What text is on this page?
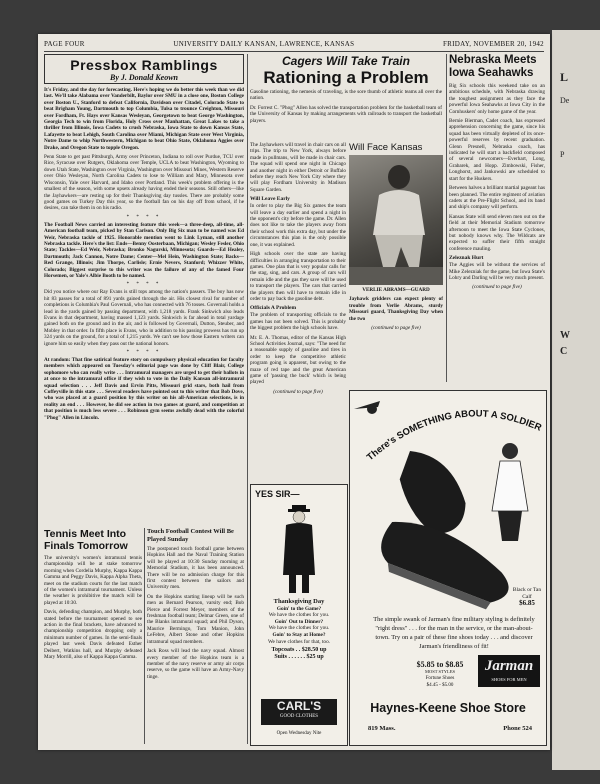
L
De
P
W
C
PAGE FOUR	UNIVERSITY DAILY KANSAN, LAWRENCE, KANSAS	FRIDAY, NOVEMBER 20, 1942
Pressbox Ramblings
By J. Donald Keown

It's Friday, and the day for forecasting. Here's hoping we do better this week than we did last. We'll take Alabama over Vanderbilt, Baylor over SMU in a close one, Boston College over Boston U., Stanford to defeat California, Davidson over Citadel, Colorado State to beat Brigham Young, Dartmouth to top Columbia, Tulsa to trounce Creighton, Missouri over Fordham, Ft. Hays over Kansas Wesleyan, Georgetown to beat George Washington, Georgia Tech to win from Florida, Holy Cross over Manhattan, Great Lakes to take a thriller from Illinois, Iowa Cadets to crush Nebraska, Iowa State to down Kansas State, Lafayette to beat Lehigh, South Carolina over Miami, Michigan State over West Virginia, Notre Dame to whip Northwestern, Michigan to beat Ohio State, Oklahoma Aggies over Drake, and Oregon State to topple Oregon.

Penn State to get past Pittsburgh, Army over Princeton, Indiana to roll over Purdue, TCU over Rice, Syracuse over Rutgers, Oklahoma over Temple, UCLA to beat Washington, Wyoming to down Utah State, Washington over Virginia, Washington over Missouri Mines, Western Reserve over Ohio Wesleyan, North Carolina Cadets to lose to William and Mary, Minnesota over Wisconsin, Yale over Harvard, and Idaho over Portland. This week's problem offering is the smallest of the season, with some upsets already having ended their seasons. Still others—like the Jayhawkers—are resting up for their Thanksgiving day tussles. There are probably some good games on Turkey Day this year, so the football fan on his day off from school, if he desires, can take them in on his radio.

* * * *

The Football News carried an interesting feature this week—a three-deep, all-time, all-American football team, picked by Stan Carlson. Only Big Six man to be named was Ed Weir, Nebraska tackle of 1925. Honorable mention went to Link Lyman, still another Nebraska tackle. Here's the list: Ends—Benny Oosterbaan, Michigan; Wesley Fesler, Ohio State; Tackles—Ed Weir, Nebraska; Bronko Nagurski, Minnesota; Guards—Ed Healey, Dartmouth; Jack Cannon, Notre Dame; Center—Mel Hein, Washington State; Backs—Red Grange, Illinois; Jim Thorpe, Carlisle; Ernie Nevers, Stanford; Whizzer White, Colorado; Biggest surprise to this writer was the failure of any of the famed Four Horsemen, or Yale's Albie Booth to be named.

* * * *

Did you notice where our Ray Evans is still tops among the nation's passers. The boy has now hit 83 passes for a total of 891 yards gained through the air. His closest rival for number of completions is Columbia's Paul Governali, who has connected with 76 tosses. Governali holds a lead in the yards gained by passing department, with 1,218 yards. Frank Sinkwich also leads Evans in that department, having massed 1,123 yards. Sinkwich is far ahead in total yardage gained both on the ground and in the air, and is followed by Governali, Dutton, Steuber, and Mobley in that order. In fifth place is Evans, who in addition to his passing prowess has run up 324 yards on the ground, for a total of 1,215 yards. We can't see how those Eastern writers can ignore him so easily when they pass out the national honors.

* * * *

At random: That fine satirical feature story on compulsory physical education for faculty members which appeared on Tuesday's editorial page was done by Cliff Blair, College sophomore who can really write . . . Intramural managers are urged to get their ballots in at once to the intramural office if they wish to vote in the Daily Kansan all-intramural squad selection . . . Jeff Davis and Ervin Pitts, Missouri grid stars, both hail from Coffeyville in this state . . . Several readers have pointed out to this writer that Bob Dove, who was placed at a guard position by this writer on his all-American selections, is in reality an end . . . However, he did see action in two games at guard, and competition at that position is much less severe . . . Robinson gym seems awfully dead with the colorful "Phog" Allen in Lincoln.

Tennis Meet Into Finals Tomorrow

The university's women's intramural tennis championship will be at stake tomorrow morning when Cordelia Murphy, Kappa Kappa Gamma and Peggy Davis, Kappa Alpha Theta, meet on the stadium courts for the last match of the women's intramural tournament. Unless the weather is prohibitive the match will be played at 10:30.

Davis, defending champion, and Murphy, both stated before the tournament opened to see action in the final brackets, have advanced to championship competition dropping only a minimum number of games. In the semi-finals played last week Davis defeated Esther Deibert, Watkins hall, and Murphy defeated Mary Morrill, also of Kappa Kappa Gamma.

Touch Football Contest Will Be Played Sunday

The postponed touch football game between Hopkins Hall and the Naval Training Station will be played at 10:30 Sunday morning at Memorial Stadium, it has been announced. There will be no admission charge for this first contest between the sailors and University men.

On the Hopkins starting lineup will be such men as Bernard Pearson, varsity end; Bob Pierce and Forrest Meyer, members of the freshman football team; Delmar Green, one of the Blanks intramural squad; and Phil Dyson, Maurice Bermingo, Tom Manion, John LeFebre, Albert Stone and other Hopkins intramural squad members.

Jack Ross will lead the navy squad. Almost every member of the Hopkins team is a member of the navy reserve or army air corps reserve, so the game will have an Army-Navy tinge.

Cagers Will Take Train
Rationing a Problem

Gasoline rationing, the nemesis of traveling, is the sore thumb of athletic teams all over the nation.

Dr. Forrest C. "Phog" Allen has solved the transportation problem for the basketball team of the University of Kansas by making arrangements with railroads to transport the basketball players.

The Jayhawkers will travel in chair cars on all trips. The trip to New York, always before made in pullmans, will be made in chair cars. The squad will spend one night in Chicago and another night in either Detroit or Buffalo before they reach New York City where they will play Fordham University in Madison Square Garden.

Will Leave Early

In order to play the Big Six games the team will leave a day earlier and spend a night in the opponent's city before the game. Dr. Allen does not like to take the players away from their school work this extra day, but under the circumstances this plan is the only possible one, it was explained.

High schools over the state are having difficulties in arranging transportation to their games. One plan that is very popular calls for the stag, sing, and cars. A group of cars will remain idle and the gas they save will be used to transport the players. The cars that carried the players then will have to remain idle in order to pay back the gasoline debt.

Officials A Problem

The problem of transporting officials to the games has not been solved. This is probably the biggest problem the high schools have.

Mr. E. A. Thomas, editor of the Kansas High School Activities Journal, says: "The need for a reasonable supply of gasoline and tires in order to keep the competitive athletic program going is apparent, but owing to the maze of red tape and the great American game of 'passing the buck' which is being played

(continued to page five)
Will Face Kansas
VERLIE ABRAMS—GUARD

Jayhawk gridders can expect plenty of trouble from Verlie Abrams, sturdy Missouri guard, Thanksgiving Day when the two

(continued to page five)
Nebraska Meets Iowa Seahawks

Big Six schools this weekend take on an ambitious schedule, with Nebraska drawing the toughest assignment as they face the powerful Iowa Seahawks at Iowa City in the Cornhuskers' only home game of the year.

Bernie Bierman, Cadet coach, has expressed apprehension concerning the game, since his squad has been virtually depleted of its once-powerful reserves by recent graduation. Glenn Presnell, Nebraska coach, has indicated he will start a backfield composed of several newcomers—Everhart, Long, Grabarek, and Hopp. Zimbowski, Fisher, Longhorst, and Jankowski are scheduled to start for the Huskers.

Between halves a brilliant martial pageant has been planned. The entire regiment of aviation cadets at the Pre-Flight School, and its band and ship's company will perform.

Kansas State will send eleven men out on the field at their Memorial Stadium tomorrow afternoon to meet the Iowa State Cyclones, but nobody knows why. The Wildcats are expected to suffer their fifth straight conference mauling.

Zeleznak Hurt

The Aggies will be without the services of Mike Zelezniak for the game, but Iowa State's Lohry and Darling will be very much present.

(continued to page five)
YES SIR—
Thanksgiving Day
Goin' to the Game?
We have the clothes for you.
Goin' Out to Dinner?
We have the clothes for you.
Goin' to Stay at Home?
We have clothes for that, too.
Topcoats . . $28.50 up
Suits . . . . . . $25 up
CARL'S
GOOD CLOTHES
Open Wednesday Nite
There's SOMETHING ABOUT A SOLDIER
Black or Tan Calf
$6.85
The simple swank of Jarman's fine military styling is definitely "right dress" . . . for the man in the service, or the man-about-town. Try on a pair of these fine shoes today . . . and discover Jarman's friendliness of fit!
$5.85 to $8.85
MOST STYLES
Fortune Shoes
$4.45 - $5.00
Jarman
SHOES FOR MEN
Haynes-Keene Shoe Store
819 Mass.	Phone 524
